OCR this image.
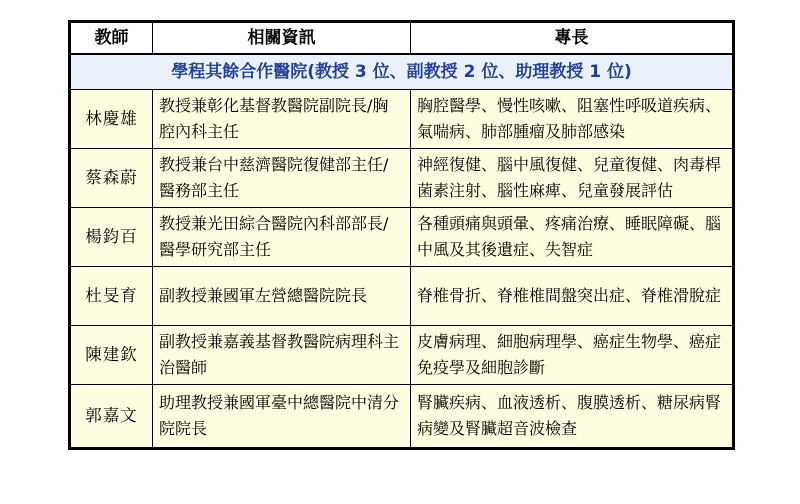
教師	相關資訊	專長
學程其餘合作醫院(教授 3 位、副教授 2 位、助理教授 1 位)		
林慶雄	教授兼彰化基督教醫院副院長/胸腔內科主任	胸腔醫學、慢性咳嗽、阻塞性呼吸道疾病、氣喘病、肺部腫瘤及肺部感染
蔡森蔚	教授兼台中慈濟醫院復健部主任/醫務部主任	神經復健、腦中風復健、兒童復健、肉毒桿菌素注射、腦性麻痺、兒童發展評估
楊鈞百	教授兼光田綜合醫院內科部部長/醫學研究部主任	各種頭痛與頭暈、疼痛治療、睡眠障礙、腦中風及其後遺症、失智症
杜旻育	副教授兼國軍左營總醫院院長	脊椎骨折、脊椎椎間盤突出症、脊椎滑脫症
陳建欽	副教授兼嘉義基督教醫院病理科主治醫師	皮膚病理、細胞病理學、癌症生物學、癌症免疫學及細胞診斷
郭嘉文	助理教授兼國軍臺中總醫院中清分院院長	腎臟疾病、血液透析、腹膜透析、糖尿病腎病變及腎臟超音波檢查
